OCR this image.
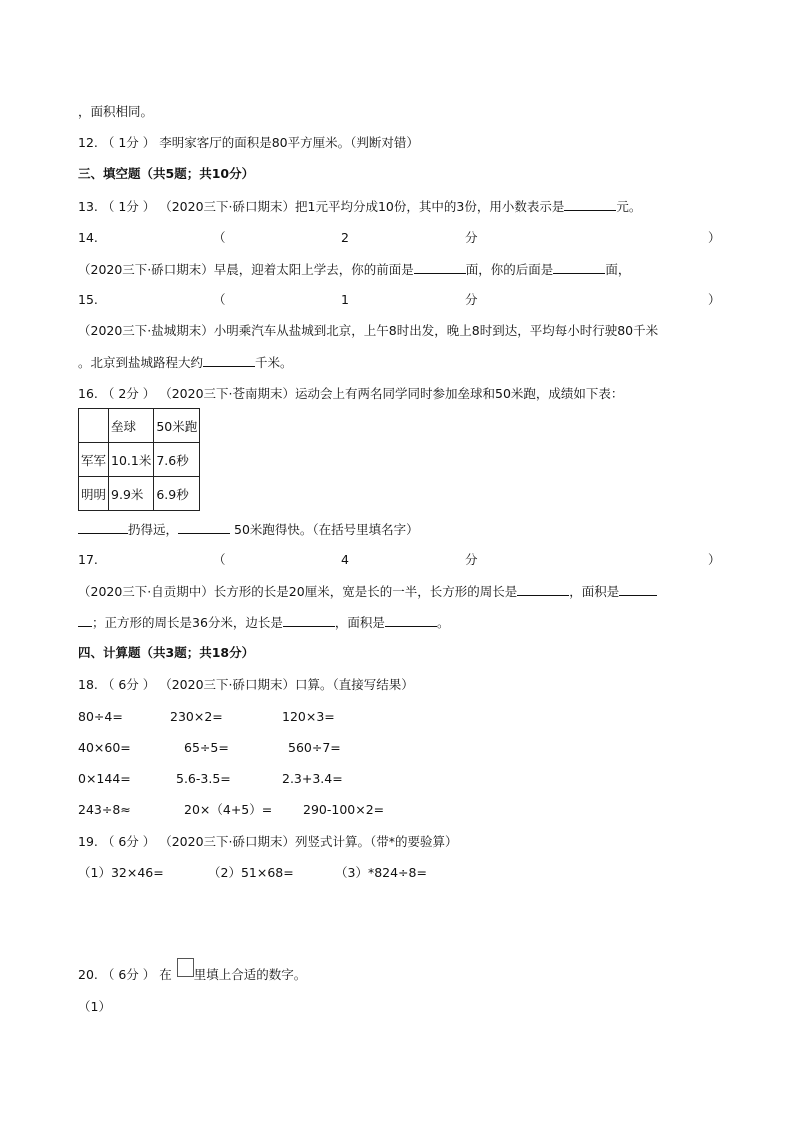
，面积相同。
12. （ 1分 ） 李明家客厅的面积是80平方厘米。（判断对错）
三、填空题（共5题；共10分）
13. （ 1分 ） （2020三下·硚口期末）把1元平均分成10份，其中的3份，用小数表示是	元。
14.	（	2	分	）
（2020三下·硚口期末）早晨，迎着太阳上学去，你的前面是	面，你的后面是	面，
15.	（	1	分	）
（2020三下·盐城期末）小明乘汽车从盐城到北京，上午8时出发，晚上8时到达，平均每小时行驶80千米
。北京到盐城路程大约	千米。
16. （ 2分 ） （2020三下·苍南期末）运动会上有两名同学同时参加垒球和50米跑，成绩如下表：
	垒球	50米跑
军军	10.1米	7.6秒
明明	9.9米	6.9秒
扔得远，	50米跑得快。（在括号里填名字）
17.	（	4	分	）
（2020三下·自贡期中）长方形的长是20厘米，宽是长的一半，长方形的周长是	，面积是
；正方形的周长是36分米，边长是	，面积是	。
四、计算题（共3题；共18分）
18. （ 6分 ） （2020三下·硚口期末）口算。（直接写结果）
80÷4=	230×2=	120×3=
40×60=	65÷5=	560÷7=
0×144=	5.6-3.5=	2.3+3.4=
243÷8≈	20×（4+5）= 290-100×2=
19. （ 6分 ） （2020三下·硚口期末）列竖式计算。（带*的要验算）
（1）32×46=	（2）51×68=	（3）*824÷8=
20. （ 6分 ） 在 里填上合适的数字。
（1）
